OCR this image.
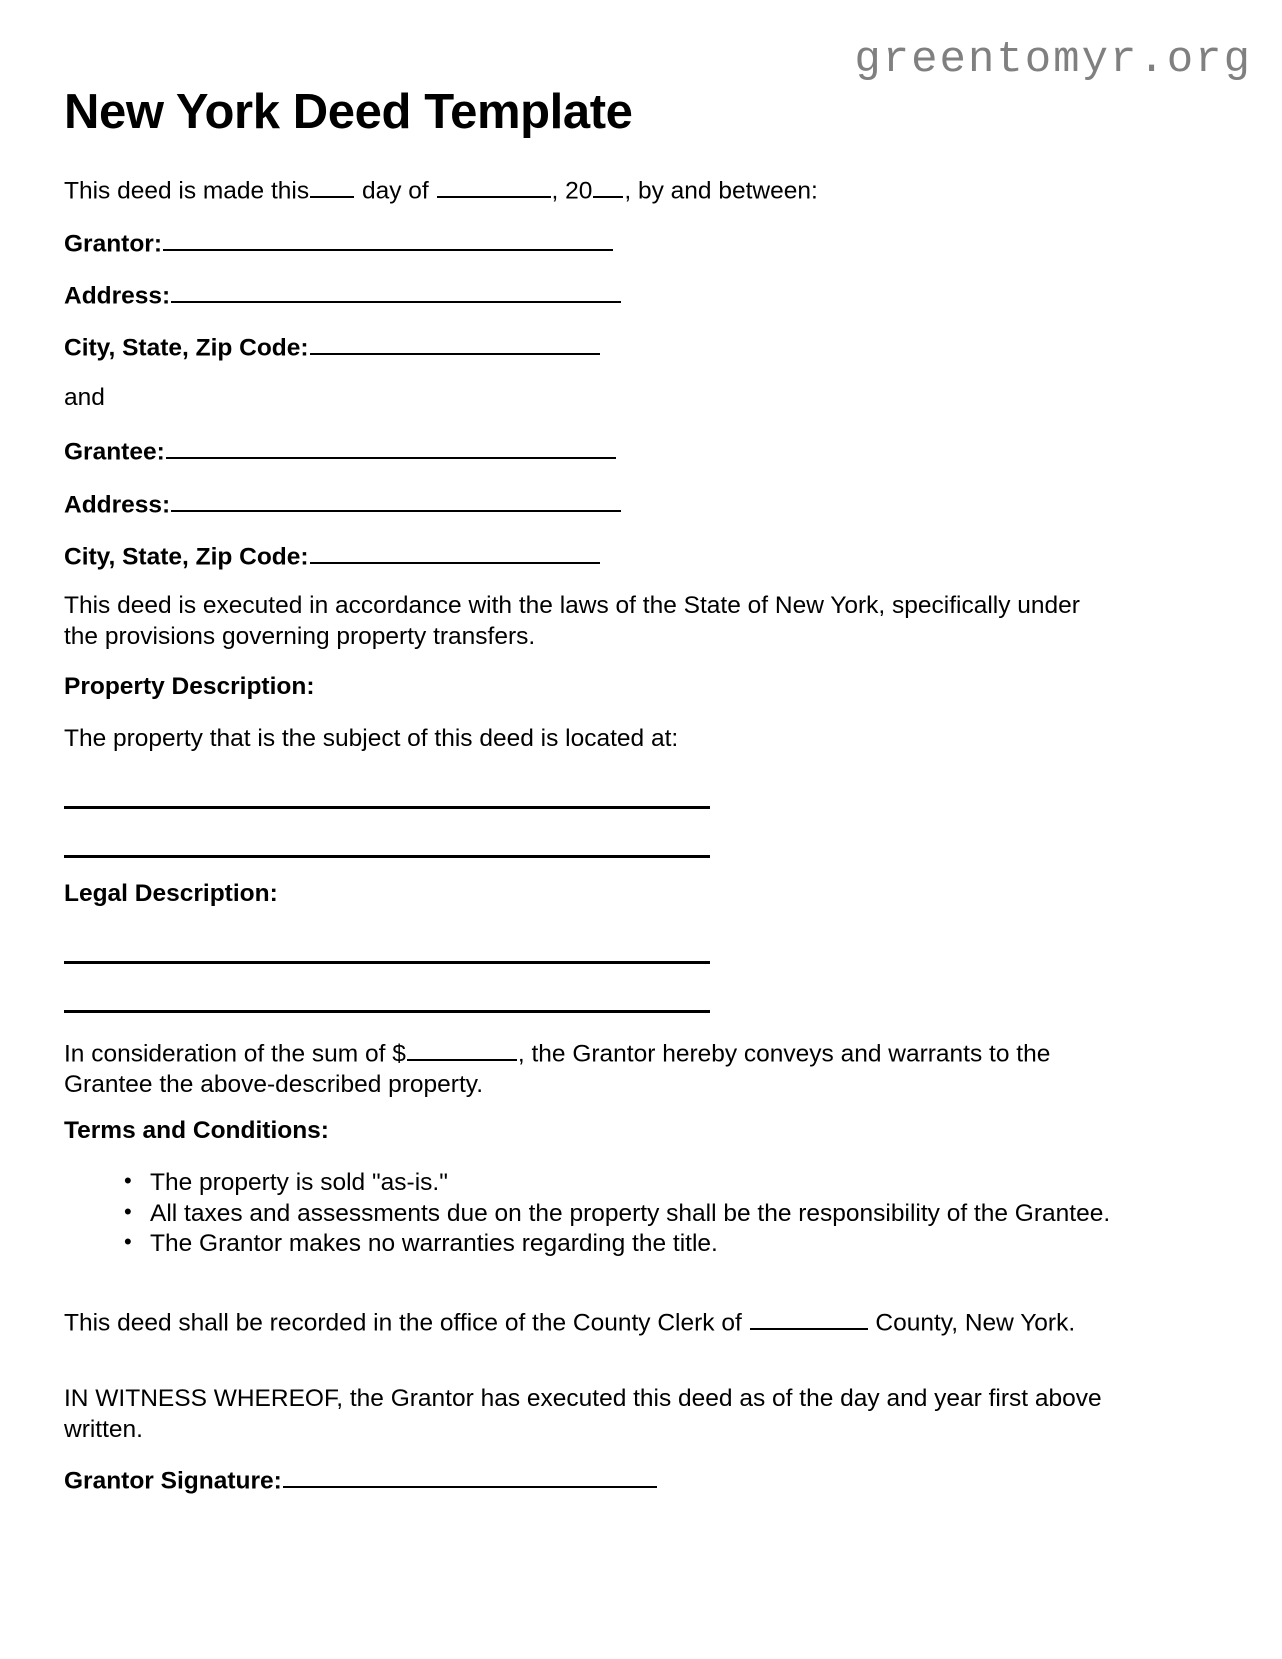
greentomyr.org
New York Deed Template

This deed is made this day of	, 20 , by and between:

Grantor:

Address:

City, State, Zip Code:

and

Grantee:

Address:

City, State, Zip Code:

This deed is executed in accordance with the laws of the State of New York, specifically under the provisions governing property transfers.

Property Description:

The property that is the subject of this deed is located at:

Legal Description:

In consideration of the sum of $	, the Grantor hereby conveys and warrants to the Grantee the above-described property.

Terms and Conditions:

• The property is sold "as-is."
• All taxes and assessments due on the property shall be the responsibility of the Grantee.
• The Grantor makes no warranties regarding the title.

This deed shall be recorded in the office of the County Clerk of	County, New York.

IN WITNESS WHEREOF, the Grantor has executed this deed as of the day and year first above written.

Grantor Signature:
